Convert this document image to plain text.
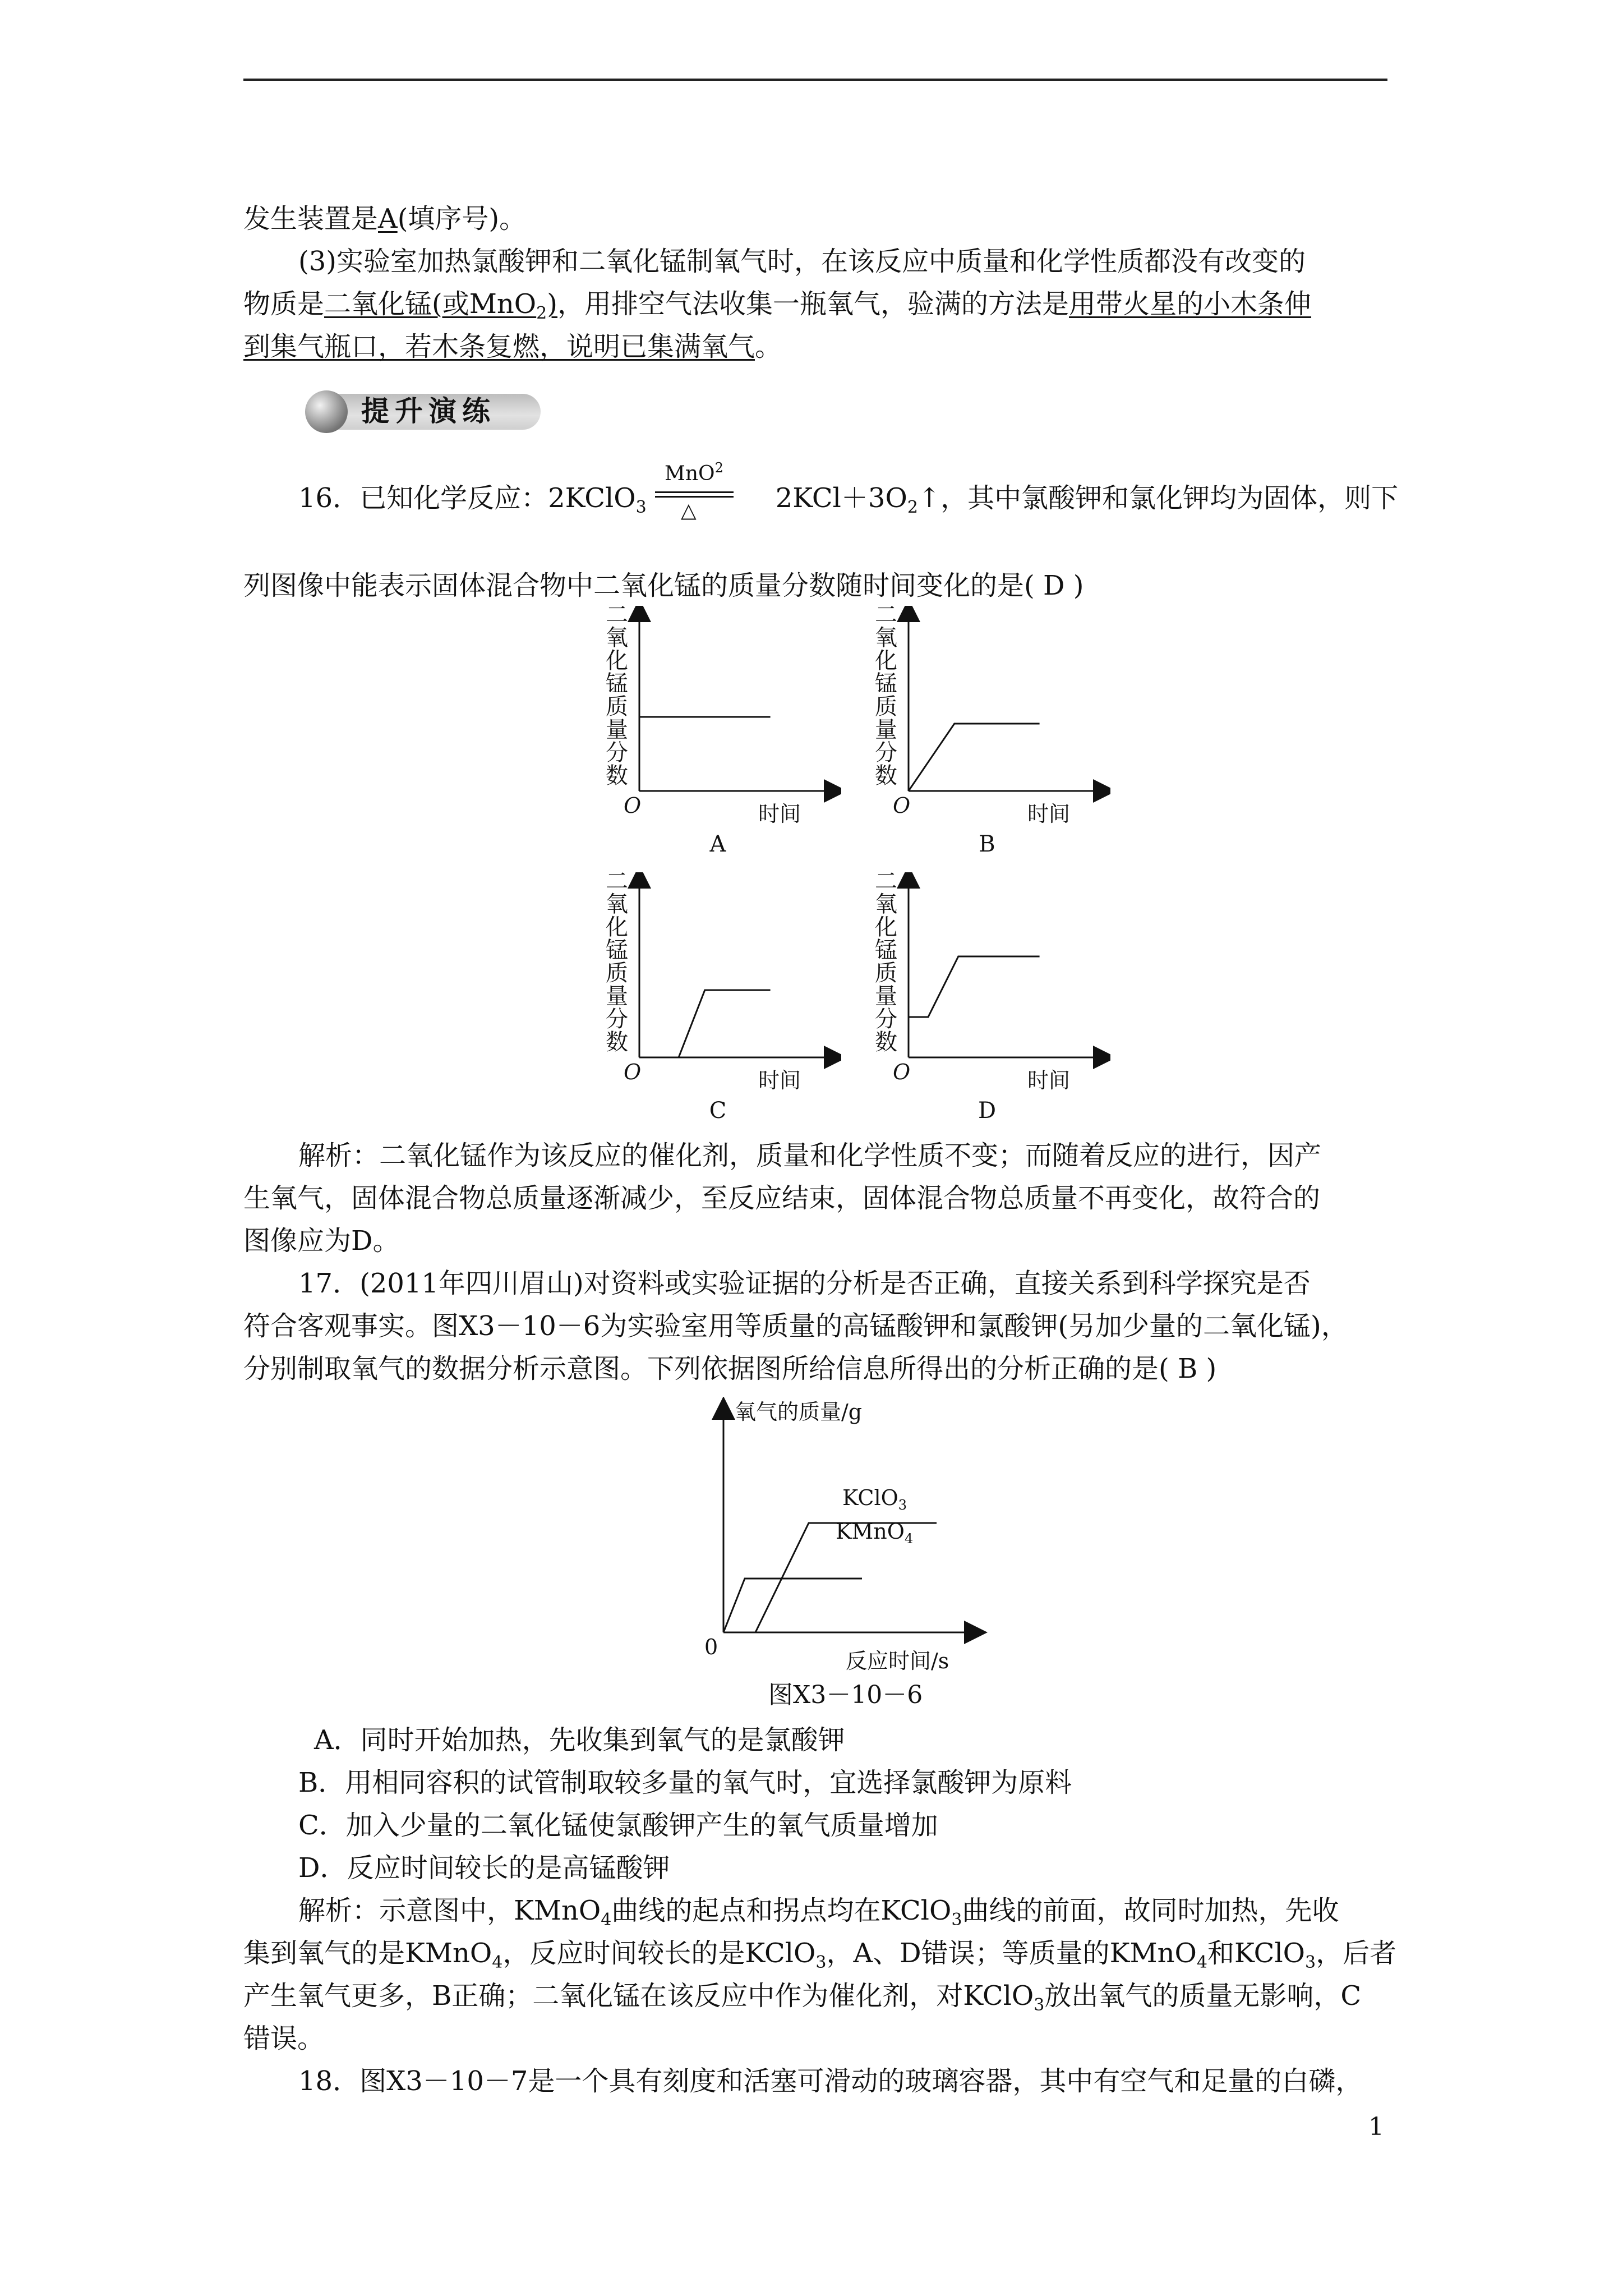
发生装置是A(填序号)。
(3)实验室加热氯酸钾和二氧化锰制氧气时，在该反应中质量和化学性质都没有改变的
物质是二氧化锰(或MnO$_2$)，用排空气法收集一瓶氧气，验满的方法是用带火星的小木条伸
到集气瓶口，若木条复燃，说明已集满氧气。
提升演练
16．已知化学反应：2KClO$_3$	$2KCl+3O_2↑$，其中氯酸钾和氯化钾均为固体，则下
MnO$^2$
△
列图像中能表示固体混合物中二氧化锰的质量分数随时间变化的是( D )
二
氧
化
锰
质
量
分
数
O	时间
A
二
氧
化
锰
质
量
分
数
O	时间
B
二
氧
化
锰
质
量
分
数
O	时间
C
二
氧
化
锰
质
量
分
数
O	时间
D
解析：二氧化锰作为该反应的催化剂，质量和化学性质不变；而随着反应的进行，因产
生氧气，固体混合物总质量逐渐减少，至反应结束，固体混合物总质量不再变化，故符合的
图像应为D。
17．(2011年四川眉山)对资料或实验证据的分析是否正确，直接关系到科学探究是否
符合客观事实。图X3－10－6为实验室用等质量的高锰酸钾和氯酸钾(另加少量的二氧化锰)，
分别制取氧气的数据分析示意图。下列依据图所给信息所得出的分析正确的是( B )
氧气的质量/g
0
反应时间/s
KClO$_3$
KMnO$_4$
图X3－10－6
A．同时开始加热，先收集到氧气的是氯酸钾
B．用相同容积的试管制取较多量的氧气时，宜选择氯酸钾为原料
C．加入少量的二氧化锰使氯酸钾产生的氧气质量增加
D．反应时间较长的是高锰酸钾
解析：示意图中，KMnO$_4$曲线的起点和拐点均在KClO$_3$曲线的前面，故同时加热，先收
集到氧气的是KMnO$_4$，反应时间较长的是KClO$_3$，A、D错误；等质量的KMnO$_4$和KClO$_3$，后者
产生氧气更多，B正确；二氧化锰在该反应中作为催化剂，对KClO$_3$放出氧气的质量无影响，C
错误。
18．图X3－10－7是一个具有刻度和活塞可滑动的玻璃容器，其中有空气和足量的白磷，
1
